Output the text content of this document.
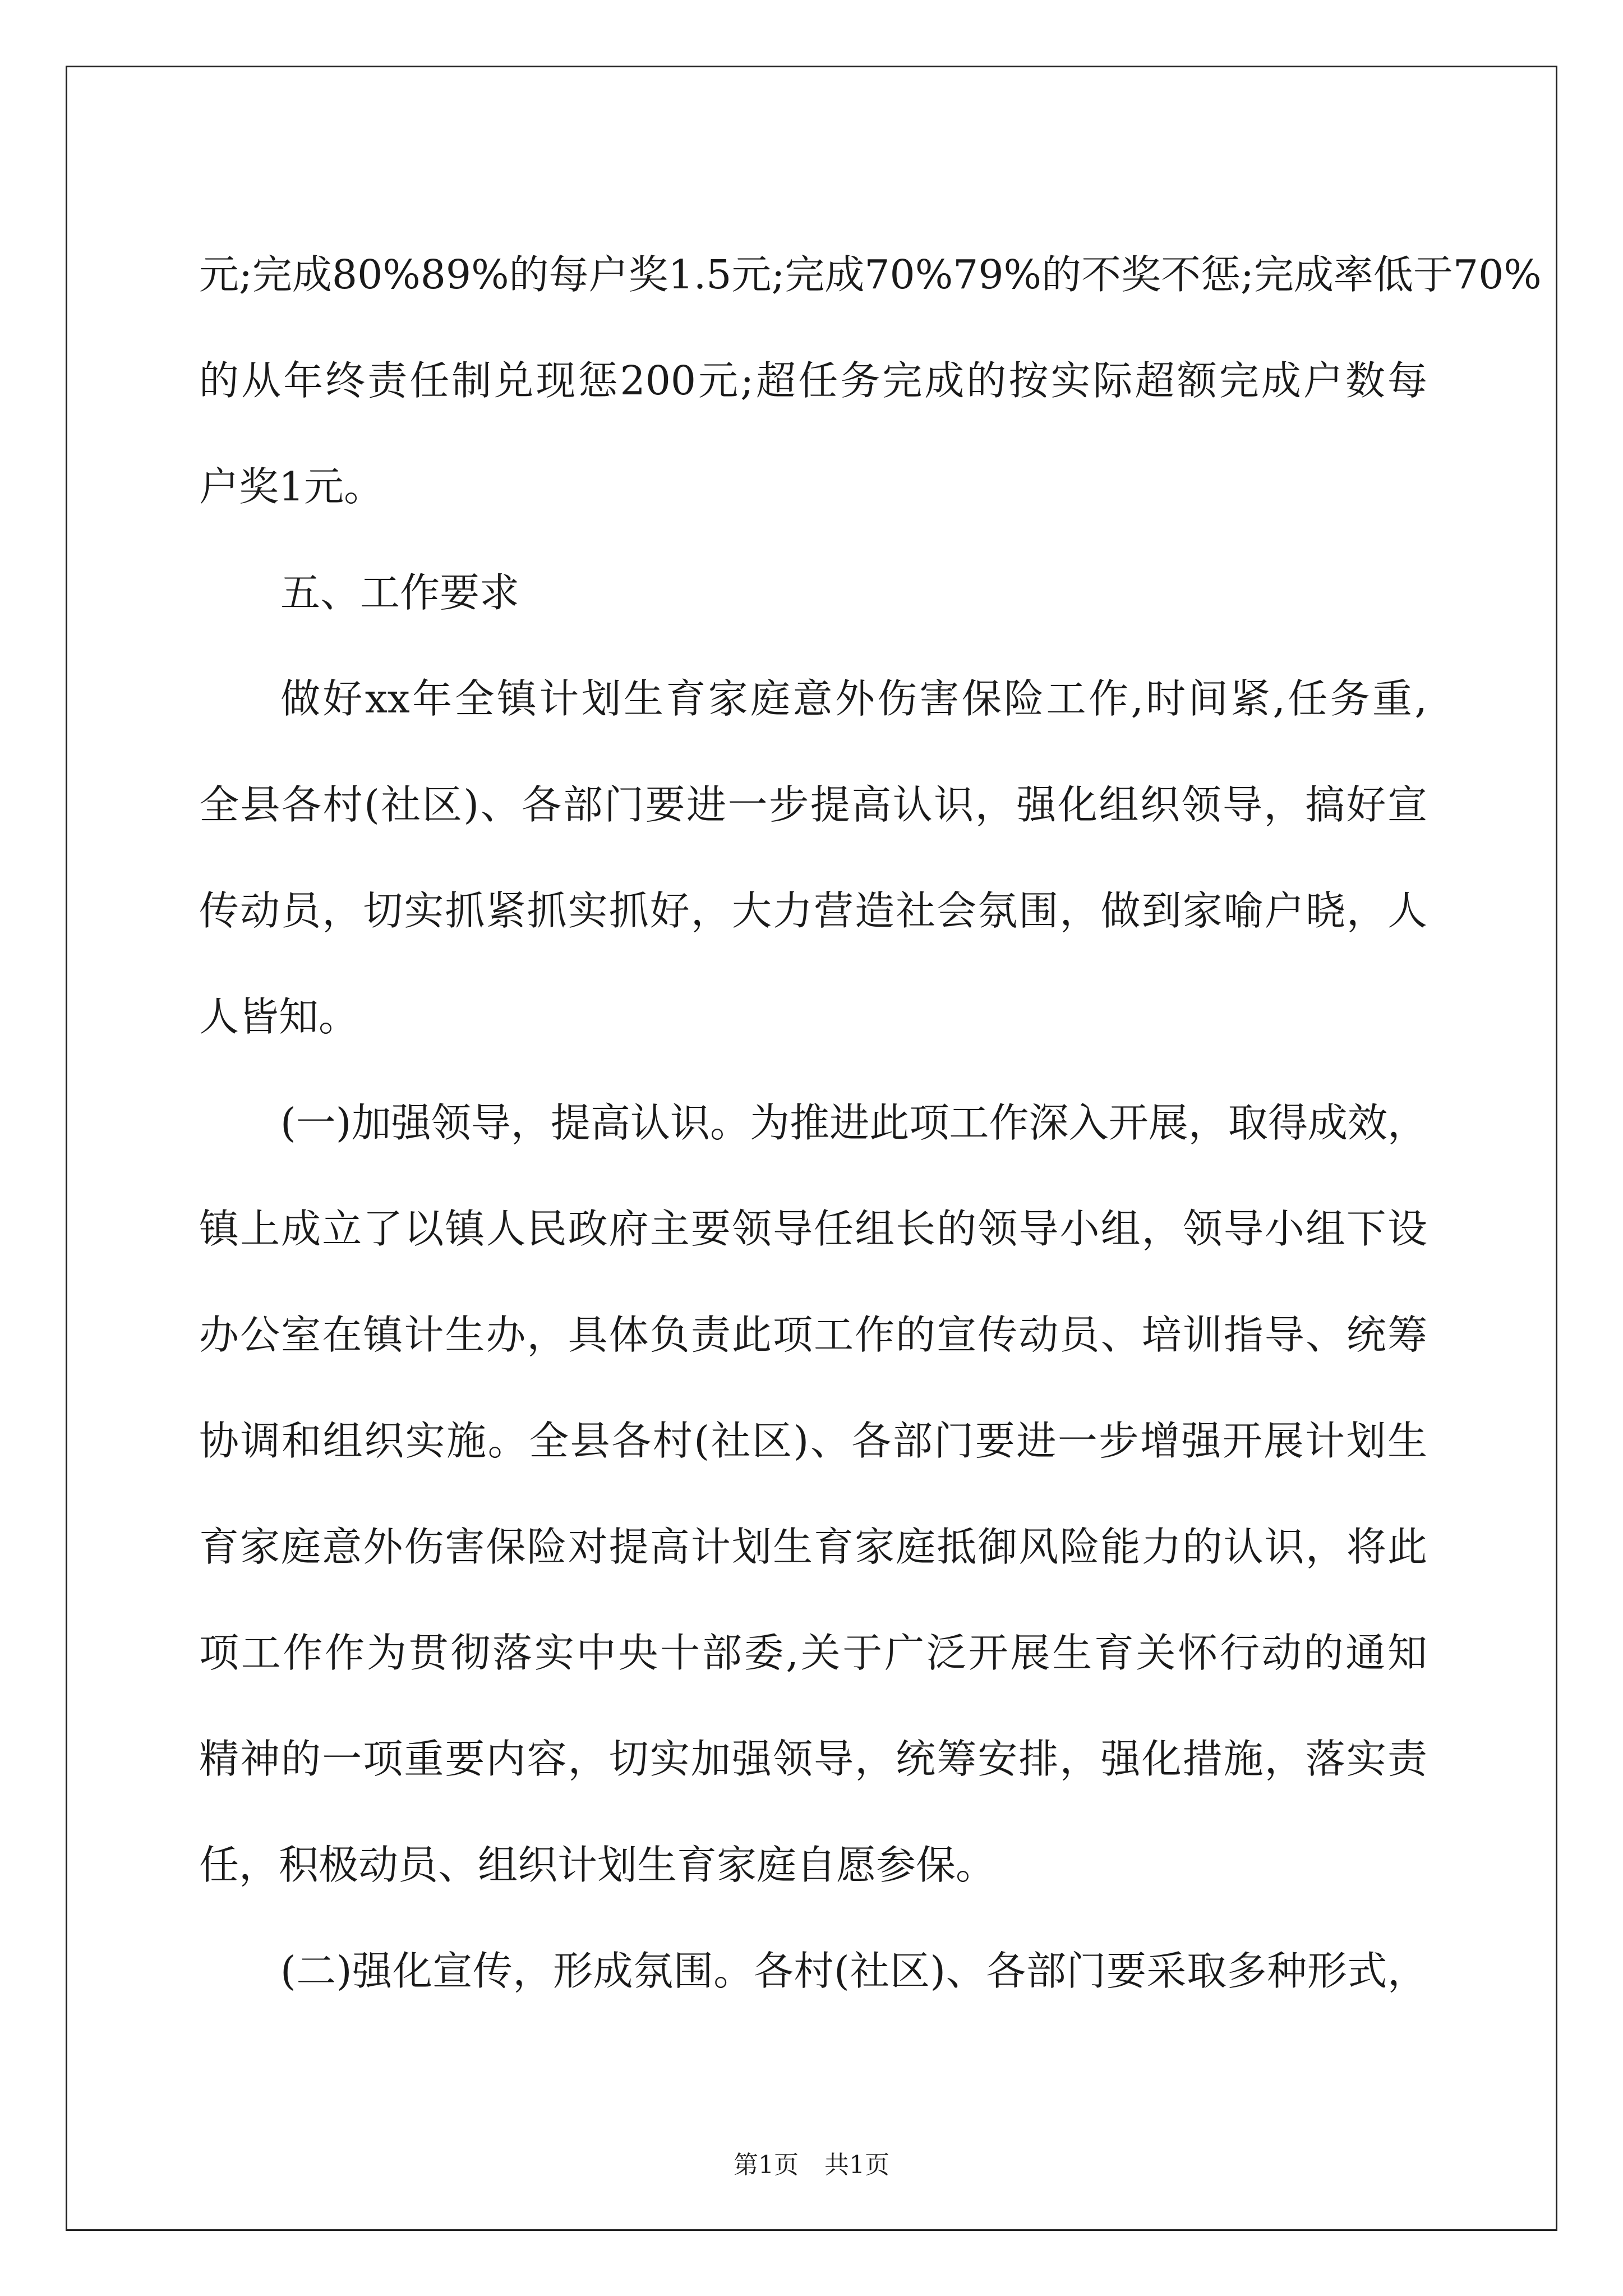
元;完成80%89%的每户奖1.5元;完成70%79%的不奖不惩;完成率低于70%
的从年终责任制兑现惩200元;超任务完成的按实际超额完成户数每
户奖1元。
五、工作要求
做好xx年全镇计划生育家庭意外伤害保险工作,时间紧,任务重,
全县各村(社区)、各部门要进一步提高认识，强化组织领导，搞好宣
传动员，切实抓紧抓实抓好，大力营造社会氛围，做到家喻户晓，人
人皆知。
(一)加强领导，提高认识。为推进此项工作深入开展，取得成效，
镇上成立了以镇人民政府主要领导任组长的领导小组，领导小组下设
办公室在镇计生办，具体负责此项工作的宣传动员、培训指导、统筹
协调和组织实施。全县各村(社区)、各部门要进一步增强开展计划生
育家庭意外伤害保险对提高计划生育家庭抵御风险能力的认识，将此
项工作作为贯彻落实中央十部委,关于广泛开展生育关怀行动的通知
精神的一项重要内容，切实加强领导，统筹安排，强化措施，落实责
任，积极动员、组织计划生育家庭自愿参保。
(二)强化宣传，形成氛围。各村(社区)、各部门要采取多种形式，
第1页 共1页
